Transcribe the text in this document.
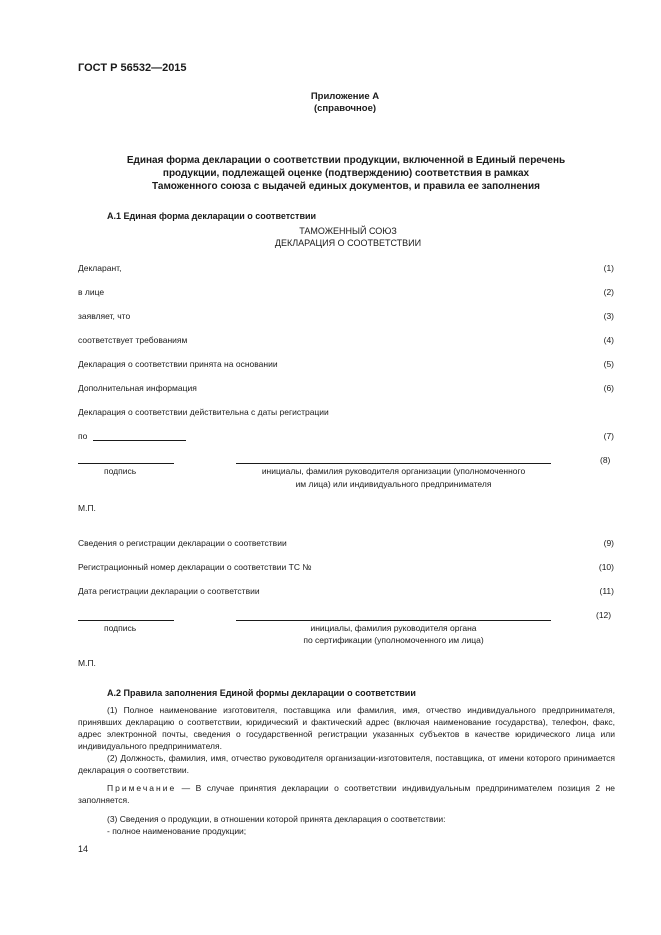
ГОСТ Р 56532—2015
Приложение А
(справочное)
Единая форма декларации о соответствии продукции, включенной в Единый перечень
продукции, подлежащей оценке (подтверждению) соответствия в рамках
Таможенного союза с выдачей единых документов, и правила ее заполнения
А.1 Единая форма декларации о соответствии
ТАМОЖЕННЫЙ СОЮЗ
ДЕКЛАРАЦИЯ О СООТВЕТСТВИИ
Декларант,	(1)
в лице	(2)
заявляет, что	(3)
соответствует требованиям	(4)
Декларация о соответствии принята на основании	(5)
Дополнительная информация	(6)
Декларация о соответствии действительна с даты регистрации
по	(7)
(8)
подпись	инициалы, фамилия руководителя организации (уполномоченного
им лица) или индивидуального предпринимателя
М.П.
Сведения о регистрации декларации о соответствии	(9)
Регистрационный номер декларации о соответствии ТС №	(10)
Дата регистрации декларации о соответствии	(11)
(12)
подпись	инициалы, фамилия руководителя органа
по сертификации (уполномоченного им лица)
М.П.
А.2 Правила заполнения Единой формы декларации о соответствии
(1) Полное наименование изготовителя, поставщика или фамилия, имя, отчество индивидуального предпринимателя, принявших декларацию о соответствии, юридический и фактический адрес (включая наименование государства), телефон, факс, адрес электронной почты, сведения о государственной регистрации указанных субъектов в качестве юридического лица или индивидуального предпринимателя.
(2) Должность, фамилия, имя, отчество руководителя организации-изготовителя, поставщика, от имени которого принимается декларация о соответствии.
Примечание — В случае принятия декларации о соответствии индивидуальным предпринимателем позиция 2 не заполняется.
(3) Сведения о продукции, в отношении которой принята декларация о соответствии:
- полное наименование продукции;
14
